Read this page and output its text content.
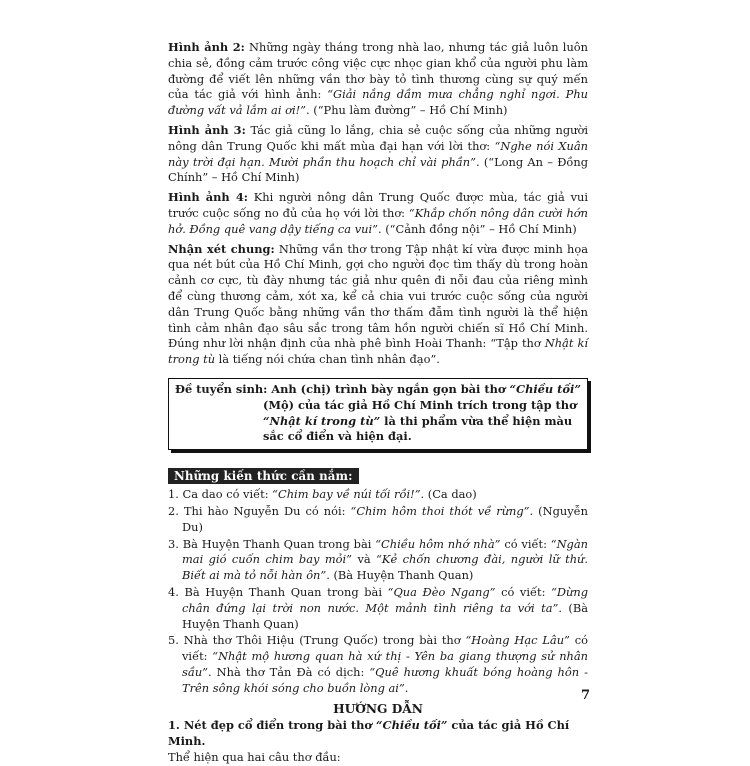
Hình ảnh 2: Những ngày tháng trong nhà lao, nhưng tác giả luôn luôn chia sẻ, đồng cảm trước công việc cực nhọc gian khổ của người phu làm đường để viết lên những vần thơ bày tỏ tình thương cùng sự quý mến của tác giả với hình ảnh: “Giải nắng dầm mưa chẳng nghỉ ngơi. Phu đường vất vả lắm ai ơi!”. (“Phu làm đường” – Hồ Chí Minh)

Hình ảnh 3: Tác giả cũng lo lắng, chia sẻ cuộc sống của những người nông dân Trung Quốc khi mất mùa đại hạn với lời thơ: “Nghe nói Xuân này trời đại hạn. Mười phần thu hoạch chỉ vài phần”. (“Long An – Đồng Chính” – Hồ Chí Minh)

Hình ảnh 4: Khi người nông dân Trung Quốc được mùa, tác giả vui trước cuộc sống no đủ của họ với lời thơ: “Khắp chốn nông dân cười hớn hở. Đồng quê vang dậy tiếng ca vui”. (“Cảnh đồng nội” – Hồ Chí Minh)

Nhận xét chung: Những vần thơ trong Tập nhật kí vừa được minh họa qua nét bút của Hồ Chí Minh, gợi cho người đọc tìm thấy dù trong hoàn cảnh cơ cực, tù đày nhưng tác giả như quên đi nỗi đau của riêng mình để cùng thương cảm, xót xa, kể cả chia vui trước cuộc sống của người dân Trung Quốc bằng những vần thơ thấm đẫm tình người là thể hiện tình cảm nhân đạo sâu sắc trong tâm hồn người chiến sĩ Hồ Chí Minh. Đúng như lời nhận định của nhà phê bình Hoài Thanh: “Tập thơ Nhật kí trong tù là tiếng nói chứa chan tình nhân đạo”.

Đề tuyển sinh: Anh (chị) trình bày ngắn gọn bài thơ “Chiều tối” (Mộ) của tác giả Hồ Chí Minh trích trong tập thơ “Nhật kí trong tù” là thi phẩm vừa thể hiện màu sắc cổ điển và hiện đại.
Những kiến thức cần nắm:
1. Ca dao có viết: “Chim bay về núi tối rồi!”. (Ca dao)
2. Thi hào Nguyễn Du có nói: “Chim hôm thoi thót về rừng”. (Nguyễn Du)
3. Bà Huyện Thanh Quan trong bài “Chiều hôm nhớ nhà” có viết: “Ngàn mai gió cuốn chim bay mỏi” và “Kẻ chốn chương đài, người lữ thứ. Biết ai mà tỏ nỗi hàn ôn”. (Bà Huyện Thanh Quan)
4. Bà Huyện Thanh Quan trong bài “Qua Đèo Ngang” có viết: “Dừng chân đứng lại trời non nước. Một mảnh tình riêng ta với ta”. (Bà Huyện Thanh Quan)
5. Nhà thơ Thôi Hiệu (Trung Quốc) trong bài thơ “Hoàng Hạc Lâu” có viết: “Nhật mộ hương quan hà xứ thị - Yên ba giang thượng sử nhân sầu”. Nhà thơ Tản Đà có dịch: “Quê hương khuất bóng hoàng hôn - Trên sông khói sóng cho buồn lòng ai”.
HƯỚNG DẪN
1. Nét đẹp cổ điển trong bài thơ “Chiều tối” của tác giả Hồ Chí Minh.

Thể hiện qua hai câu thơ đầu:

7
